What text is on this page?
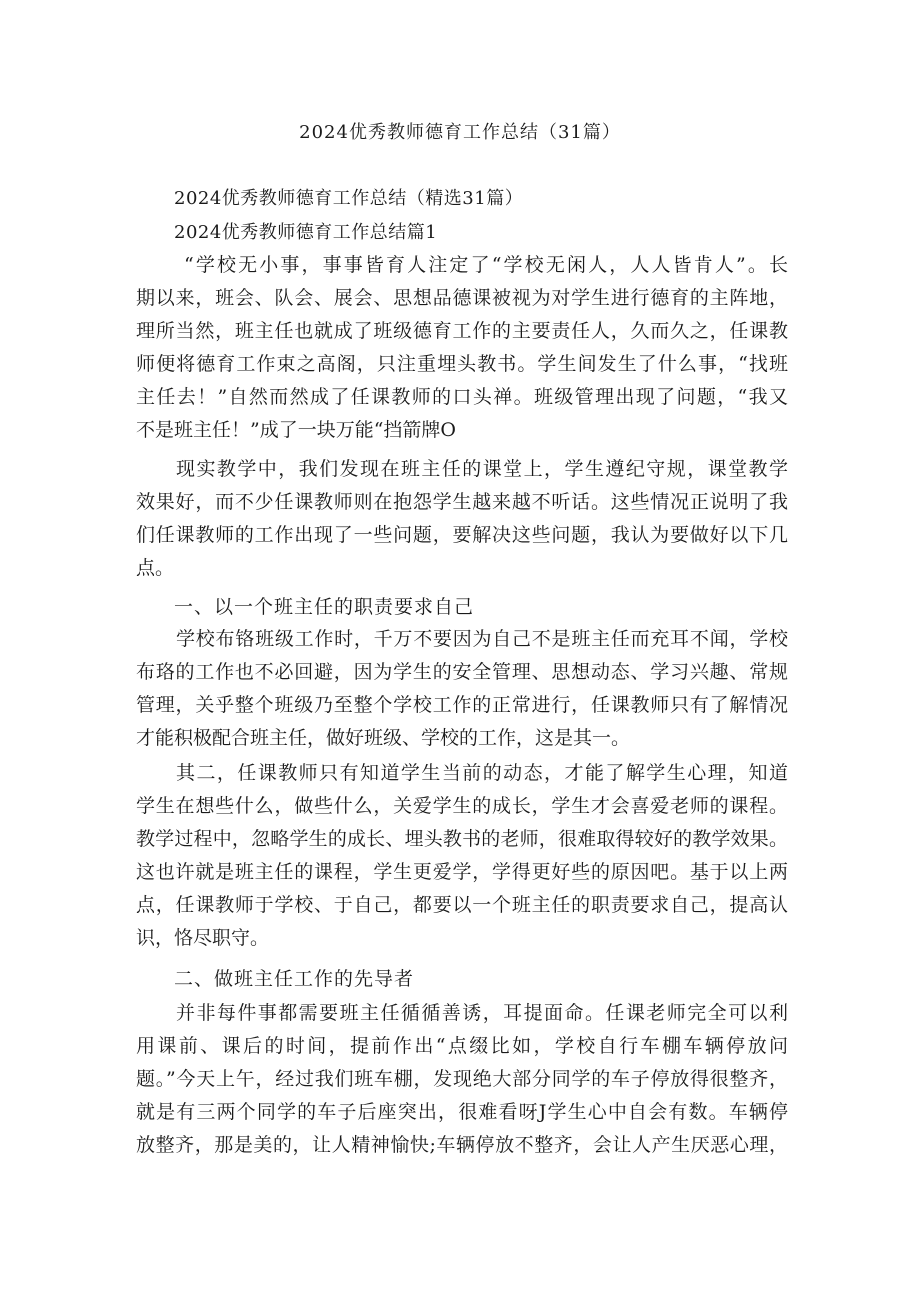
2024优秀教师德育工作总结（31篇）
2024优秀教师德育工作总结（精选31篇）
2024优秀教师德育工作总结篇1
“学校无小事，事事皆育人注定了“学校无闲人，人人皆肯人”。长
期以来，班会、队会、展会、思想品德课被视为对学生进行德育的主阵地，
理所当然，班主任也就成了班级德育工作的主要责任人，久而久之，任课教
师便将德育工作束之高阁，只注重埋头教书。学生间发生了什么事，“找班
主任去！”自然而然成了任课教师的口头禅。班级管理出现了问题，“我又
不是班主任！”成了一块万能“挡箭牌O
现实教学中，我们发现在班主任的课堂上，学生遵纪守规，课堂教学
效果好，而不少任课教师则在抱怨学生越来越不听话。这些情况正说明了我
们任课教师的工作出现了一些问题，要解决这些问题，我认为要做好以下几
点。
一、以一个班主任的职责要求自己
学校布铬班级工作时，千万不要因为自己不是班主任而充耳不闻，学校
布珞的工作也不必回避，因为学生的安全管理、思想动态、学习兴趣、常规
管理，关乎整个班级乃至整个学校工作的正常进行，任课教师只有了解情况
才能积极配合班主任，做好班级、学校的工作，这是其一。
其二，任课教师只有知道学生当前的动态，才能了解学生心理，知道
学生在想些什么，做些什么，关爱学生的成长，学生才会喜爱老师的课程。
教学过程中，忽略学生的成长、埋头教书的老师，很难取得较好的教学效果。
这也许就是班主任的课程，学生更爱学，学得更好些的原因吧。基于以上两
点，任课教师于学校、于自己，都要以一个班主任的职责要求自己，提高认
识，恪尽职守。
二、做班主任工作的先导者
并非每件事都需要班主任循循善诱，耳提面命。任课老师完全可以利
用课前、课后的时间，提前作出“点缀比如，学校自行车棚车辆停放问
题。”今天上午，经过我们班车棚，发现绝大部分同学的车子停放得很整齐，
就是有三两个同学的车子后座突出，很难看呀J学生心中自会有数。车辆停
放整齐，那是美的，让人精神愉快;车辆停放不整齐，会让人产生厌恶心理，
